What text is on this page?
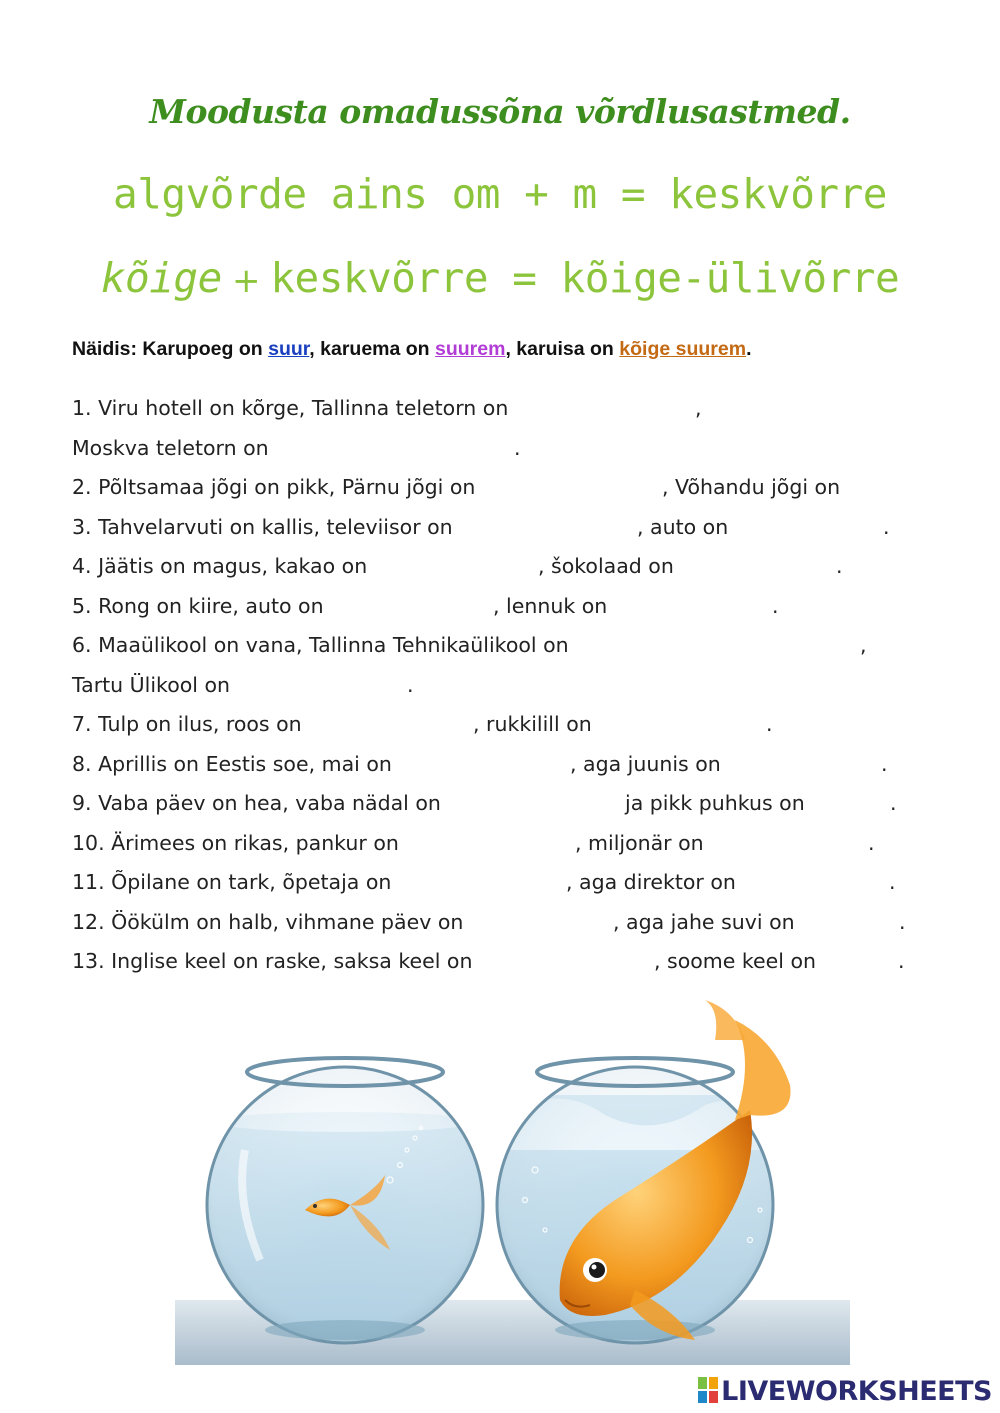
Moodusta omadussõna võrdlusastmed.
algvõrde ains om + m = keskvõrre
kõige + keskvõrre = kõige-ülivõrre
Näidis: Karupoeg on suur, karuema on suurem, karuisa on kõige suurem.
1. Viru hotell on kõrge, Tallinna teletorn on	,
Moskva teletorn on	.
2. Põltsamaa jõgi on pikk, Pärnu jõgi on	, Võhandu jõgi on
3. Tahvelarvuti on kallis, televiisor on	, auto on	.
4. Jäätis on magus, kakao on	, šokolaad on	.
5. Rong on kiire, auto on	, lennuk on	.
6. Maaülikool on vana, Tallinna Tehnikaülikool on	,
Tartu Ülikool on	.
7. Tulp on ilus, roos on	, rukkilill on	.
8. Aprillis on Eestis soe, mai on	, aga juunis on	.
9. Vaba päev on hea, vaba nädal on	ja pikk puhkus on	.
10. Ärimees on rikas, pankur on	, miljonär on	.
11. Õpilane on tark, õpetaja on	, aga direktor on	.
12. Öökülm on halb, vihmane päev on	, aga jahe suvi on	.
13. Inglise keel on raske, saksa keel on	, soome keel on	.
LIVEWORKSHEETS
